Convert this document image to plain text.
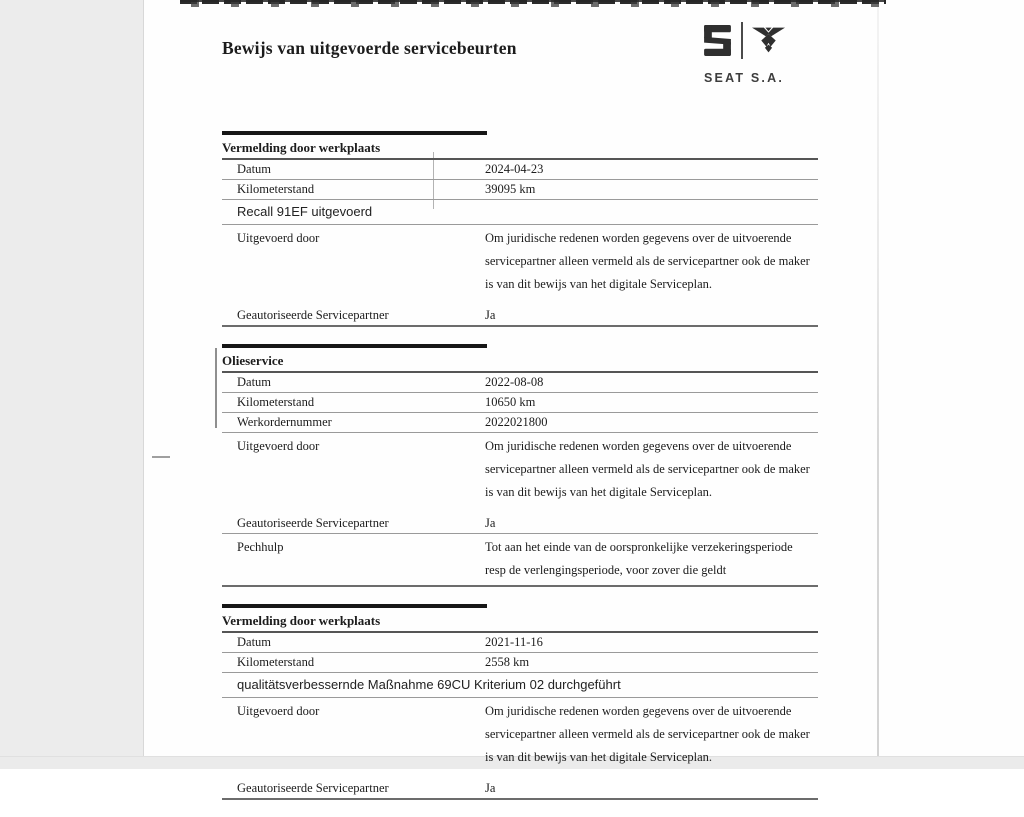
SEAT S.A.
Bewijs van uitgevoerde servicebeurten
Vermelding door werkplaats
Datum	2024-04-23
Kilometerstand	39095 km
Recall 91EF uitgevoerd
Uitgevoerd door	Om juridische redenen worden gegevens over de uitvoerende servicepartner alleen vermeld als de servicepartner ook de maker is van dit bewijs van het digitale Serviceplan.
Geautoriseerde Servicepartner	Ja
Olieservice
Datum	2022-08-08
Kilometerstand	10650 km
Werkordernummer	2022021800
Uitgevoerd door	Om juridische redenen worden gegevens over de uitvoerende servicepartner alleen vermeld als de servicepartner ook de maker is van dit bewijs van het digitale Serviceplan.
Geautoriseerde Servicepartner	Ja
Pechhulp	Tot aan het einde van de oorspronkelijke verzekeringsperiode resp de verlengingsperiode, voor zover die geldt
Vermelding door werkplaats
Datum	2021-11-16
Kilometerstand	2558 km
qualitätsverbessernde Maßnahme 69CU Kriterium 02 durchgeführt
Uitgevoerd door	Om juridische redenen worden gegevens over de uitvoerende servicepartner alleen vermeld als de servicepartner ook de maker is van dit bewijs van het digitale Serviceplan.
Geautoriseerde Servicepartner	Ja
